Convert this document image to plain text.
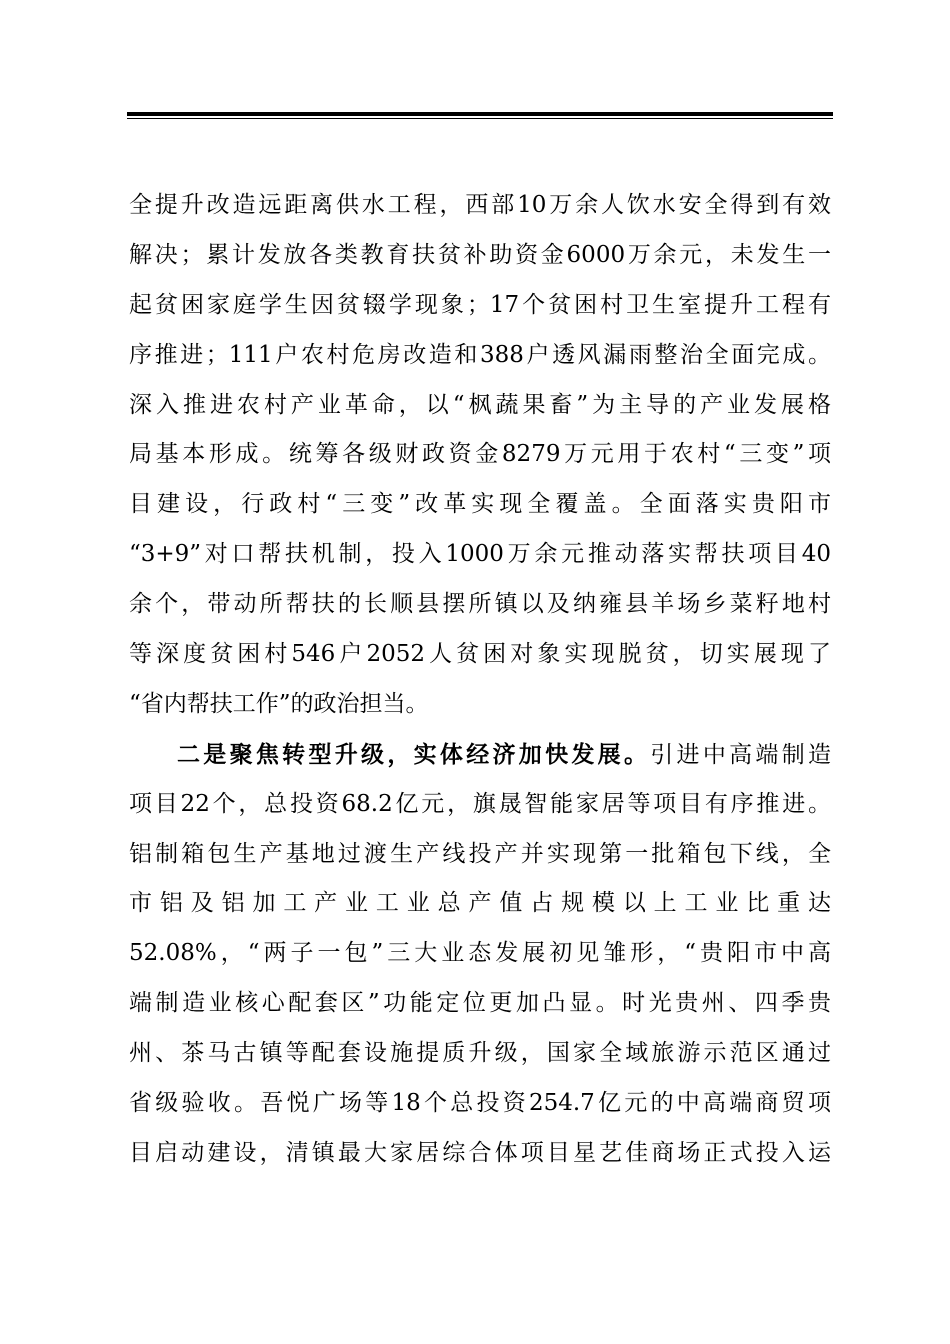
全提升改造远距离供水工程，西部10万余人饮水安全得到有效
解决；累计发放各类教育扶贫补助资金6000万余元，未发生一
起贫困家庭学生因贫辍学现象；17个贫困村卫生室提升工程有
序推进；111户农村危房改造和388户透风漏雨整治全面完成。
深入推进农村产业革命，以“枫蔬果畜”为主导的产业发展格
局基本形成。统筹各级财政资金8279万元用于农村“三变”项
目建设，行政村“三变”改革实现全覆盖。全面落实贵阳市
“3+9”对口帮扶机制，投入1000万余元推动落实帮扶项目40
余个，带动所帮扶的长顺县摆所镇以及纳雍县羊场乡菜籽地村
等深度贫困村546户2052人贫困对象实现脱贫，切实展现了
“省内帮扶工作”的政治担当。
二是聚焦转型升级，实体经济加快发展。引进中高端制造
项目22个，总投资68.2亿元，旗晟智能家居等项目有序推进。
铝制箱包生产基地过渡生产线投产并实现第一批箱包下线，全
市铝及铝加工产业工业总产值占规模以上工业比重达
52.08%，“两子一包”三大业态发展初见雏形，“贵阳市中高
端制造业核心配套区”功能定位更加凸显。时光贵州、四季贵
州、茶马古镇等配套设施提质升级，国家全域旅游示范区通过
省级验收。吾悦广场等18个总投资254.7亿元的中高端商贸项
目启动建设，清镇最大家居综合体项目星艺佳商场正式投入运
